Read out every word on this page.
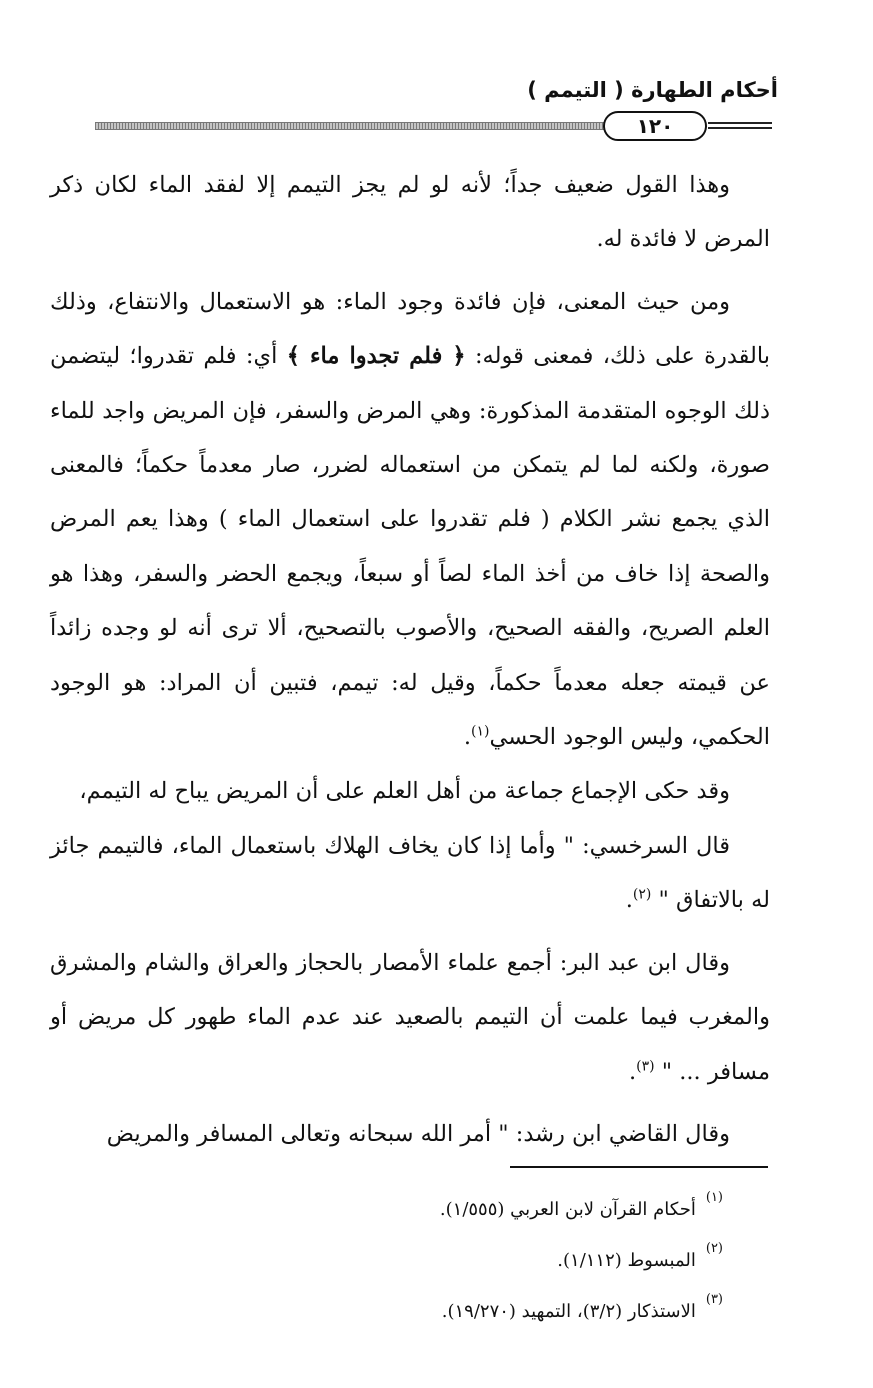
أحكام الطهارة ( التيمم )
١٢٠

وهذا القول ضعيف جداً؛ لأنه لو لم يجز التيمم إلا لفقد الماء لكان ذكر المرض لا فائدة له.

ومن حيث المعنى، فإن فائدة وجود الماء: هو الاستعمال والانتفاع، وذلك بالقدرة على ذلك، فمعنى قوله: ﴿ فلم تجدوا ماء ﴾ أي: فلم تقدروا؛ ليتضمن ذلك الوجوه المتقدمة المذكورة: وهي المرض والسفر، فإن المريض واجد للماء صورة، ولكنه لما لم يتمكن من استعماله لضرر، صار معدماً حكماً؛ فالمعنى الذي يجمع نشر الكلام ( فلم تقدروا على استعمال الماء ) وهذا يعم المرض والصحة إذا خاف من أخذ الماء لصاً أو سبعاً، ويجمع الحضر والسفر، وهذا هو العلم الصريح، والفقه الصحيح، والأصوب بالتصحيح، ألا ترى أنه لو وجده زائداً عن قيمته جعله معدماً حكماً، وقيل له: تيمم، فتبين أن المراد: هو الوجود الحكمي، وليس الوجود الحسي$^{(١)}$.

وقد حكى الإجماع جماعة من أهل العلم على أن المريض يباح له التيمم،

قال السرخسي: " وأما إذا كان يخاف الهلاك باستعمال الماء، فالتيمم جائز له بالاتفاق " $^{(٢)}$.

وقال ابن عبد البر: أجمع علماء الأمصار بالحجاز والعراق والشام والمشرق والمغرب فيما علمت أن التيمم بالصعيد عند عدم الماء طهور كل مريض أو مسافر ... " $^{(٣)}$.

وقال القاضي ابن رشد: " أمر الله سبحانه وتعالى المسافر والمريض

(١)أحكام القرآن لابن العربي (١/٥٥٥).
(٢)المبسوط (١/١١٢).
(٣)الاستذكار (٣/٢)، التمهيد (١٩/٢٧٠).
